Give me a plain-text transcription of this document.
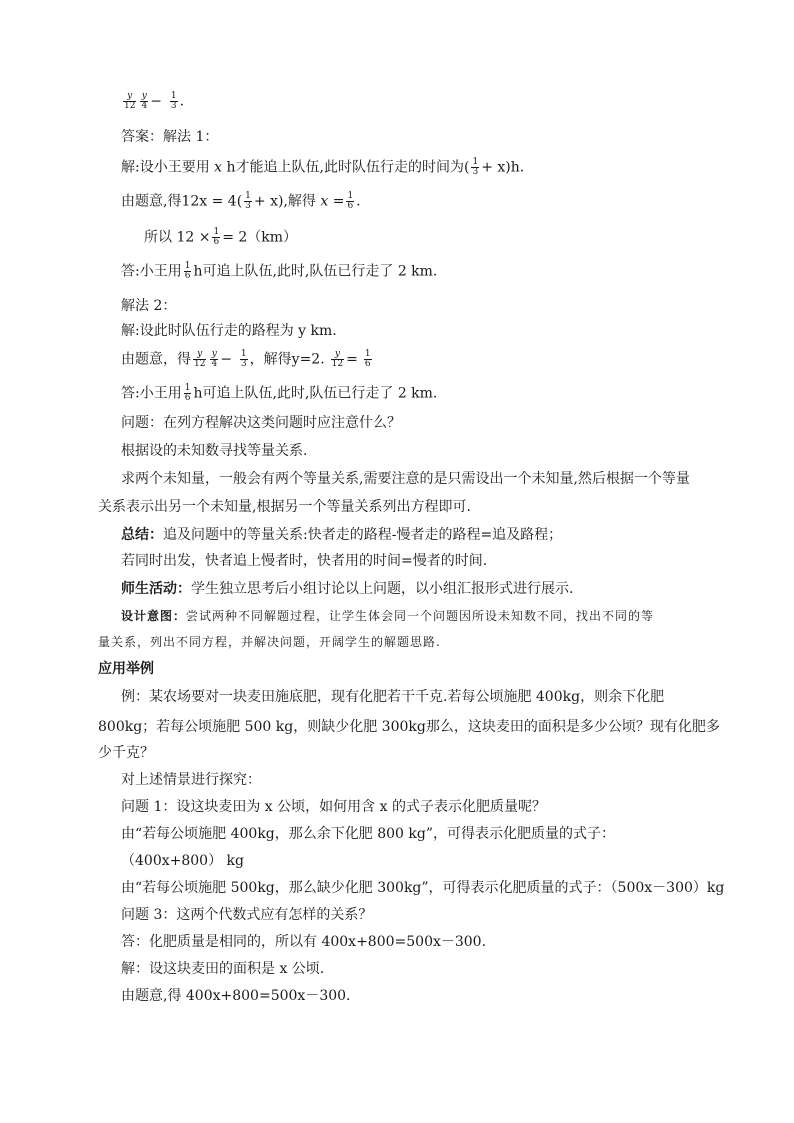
$\frac{y}{12} \frac{y}{4} - \frac{1}{3}$ .
答案：解法 1：
解:设小王要用 x h才能追上队伍,此时队伍行走的时间为( $\frac{1}{3} + x)h$.
由题意,得$12x = 4( \frac{1}{3} + x)$,解得 $x = \frac{1}{6}$ .
所以 $12 \times \frac{1}{6} = 2(km)$
答:小王用 $\frac{1}{6}$ h可追上队伍,此时,队伍已行走了 2 km.
解法 2：
解:设此时队伍行走的路程为 y km.
由题意，得 $\frac{y}{12} \frac{y}{4} - \frac{1}{3}$ ，解得y=2. $\frac{y}{12} = \frac{1}{6}$
答:小王用 $\frac{1}{6}$ h可追上队伍,此时,队伍已行走了 2 km.
问题：在列方程解决这类问题时应注意什么？
根据设的未知数寻找等量关系.
求两个未知量，一般会有两个等量关系,需要注意的是只需设出一个未知量,然后根据一个等量
关系表示出另一个未知量,根据另一个等量关系列出方程即可.
总结：追及问题中的等量关系:快者走的路程-慢者走的路程=追及路程；
若同时出发，快者追上慢者时，快者用的时间=慢者的时间.
师生活动：学生独立思考后小组讨论以上问题，以小组汇报形式进行展示.
设计意图：尝试两种不同解题过程，让学生体会同一个问题因所设未知数不同，找出不同的等
量关系，列出不同方程，并解决问题，开阔学生的解题思路.
应用举例
例：某农场要对一块麦田施底肥，现有化肥若干千克.若每公顷施肥 400kg，则余下化肥
800kg；若每公顷施肥 500 kg，则缺少化肥 300kg那么，这块麦田的面积是多少公顷？现有化肥多
少千克？
对上述情景进行探究：
问题 1：设这块麦田为 x 公顷，如何用含 x 的式子表示化肥质量呢？
由“若每公顷施肥 400kg，那么余下化肥 800 kg”，可得表示化肥质量的式子：
（400x+800） kg
由“若每公顷施肥 500kg，那么缺少化肥 300kg”，可得表示化肥质量的式子：（500x－300）kg
问题 3：这两个代数式应有怎样的关系？
答：化肥质量是相同的，所以有 400x+800=500x－300.
解：设这块麦田的面积是 x 公顷.
由题意,得 400x+800=500x－300.
